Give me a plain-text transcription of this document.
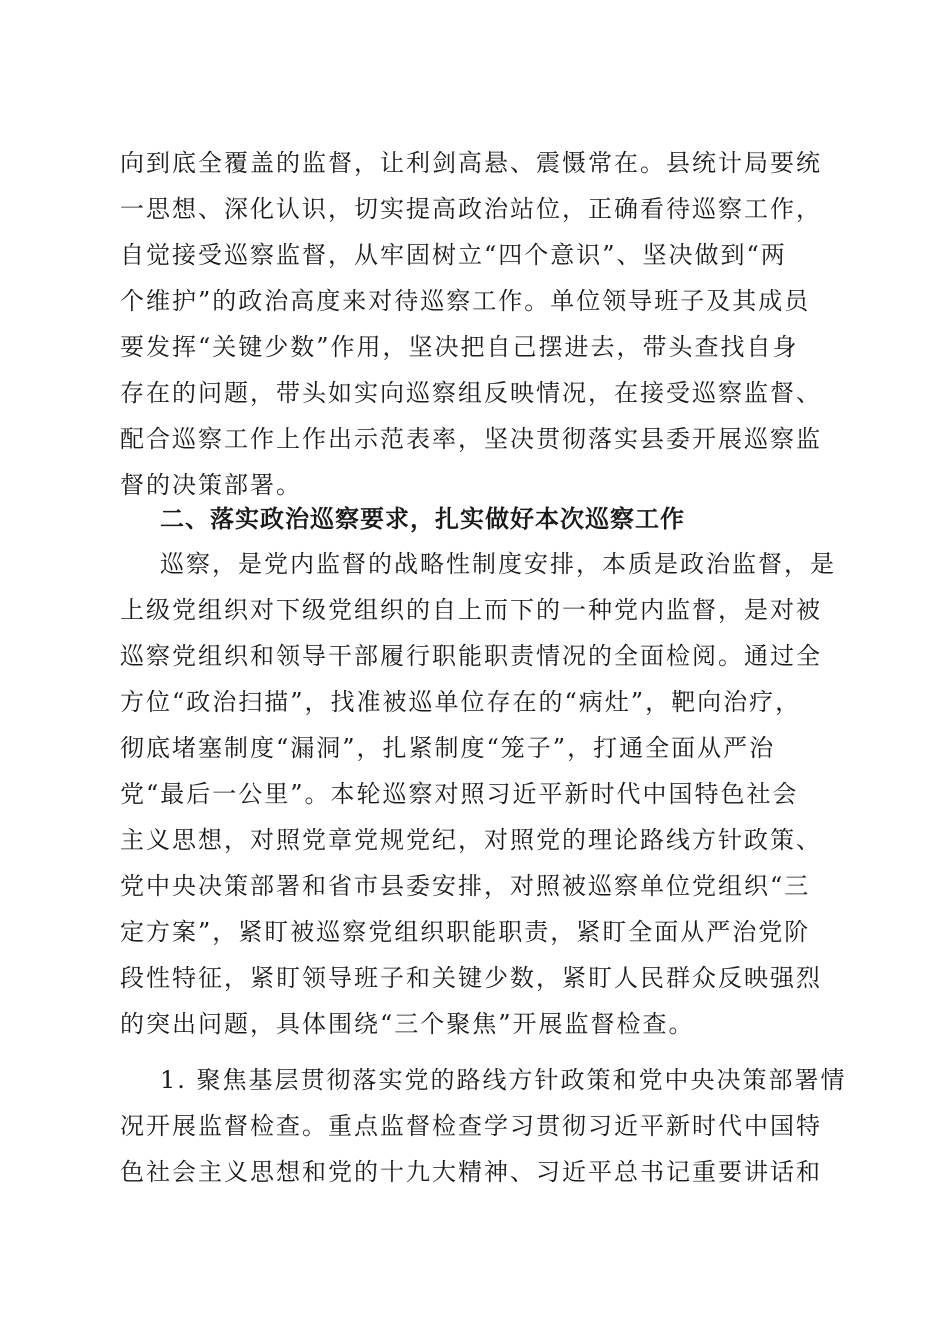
向到底全覆盖的监督，让利剑高悬、震慑常在。县统计局要统
一思想、深化认识，切实提高政治站位，正确看待巡察工作，
自觉接受巡察监督，从牢固树立“四个意识”、坚决做到“两
个维护”的政治高度来对待巡察工作。单位领导班子及其成员
要发挥“关键少数”作用，坚决把自己摆进去，带头查找自身
存在的问题，带头如实向巡察组反映情况，在接受巡察监督、
配合巡察工作上作出示范表率，坚决贯彻落实县委开展巡察监
督的决策部署。
二、落实政治巡察要求，扎实做好本次巡察工作
巡察，是党内监督的战略性制度安排，本质是政治监督，是
上级党组织对下级党组织的自上而下的一种党内监督，是对被
巡察党组织和领导干部履行职能职责情况的全面检阅。通过全
方位“政治扫描”，找准被巡单位存在的“病灶”，靶向治疗，
彻底堵塞制度“漏洞”，扎紧制度“笼子”，打通全面从严治
党“最后一公里”。本轮巡察对照习近平新时代中国特色社会
主义思想，对照党章党规党纪，对照党的理论路线方针政策、
党中央决策部署和省市县委安排，对照被巡察单位党组织“三
定方案”，紧盯被巡察党组织职能职责，紧盯全面从严治党阶
段性特征，紧盯领导班子和关键少数，紧盯人民群众反映强烈
的突出问题，具体围绕“三个聚焦”开展监督检查。
1. 聚焦基层贯彻落实党的路线方针政策和党中央决策部署情
况开展监督检查。重点监督检查学习贯彻习近平新时代中国特
色社会主义思想和党的十九大精神、习近平总书记重要讲话和
